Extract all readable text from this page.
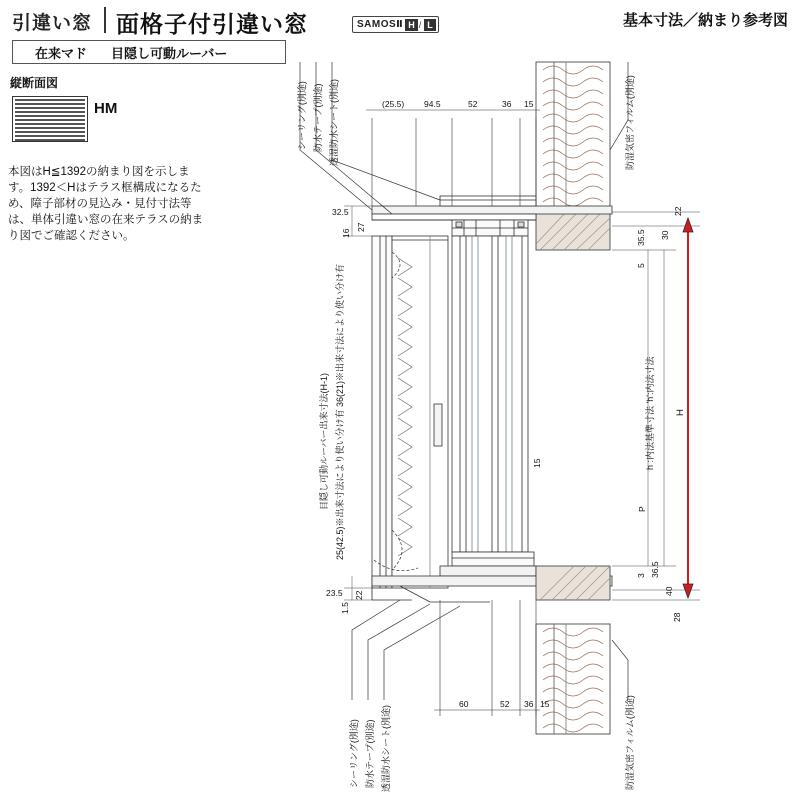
引違い窓 面格子付引違い窓	SAMOSⅡ H / L	基本寸法／納まり参考図
在来マド 目隠し可動ルーバー
縦断面図
HM
本図はH≦1392の納まり図を示します。1392＜Hはテラス框構成になるため、障子部材の見込み・見付寸法等は、単体引違い窓の在来テラスの納まり図でご確認ください。
シーリング(別途) 防水テープ(別途) 透湿防水シート(別途)	防湿気密フィルム(別途)
シーリング(別途) 防水テープ(別途) 透湿防水シート(別途)	防湿気密フィルム(別途)
目隠し可動ルーバー出来寸法(H-1) 25(42.5)※出来寸法により使い分け有 36(21)※出来寸法により使い分け有	H
h :内法基準寸法 'h':内法寸法
P
(25.5) 94.5	52	36 15
60	52 36 15
32.5
16
27
23.5
1.5
22
22
30
35.5
5
15
3 36.5
40
28
